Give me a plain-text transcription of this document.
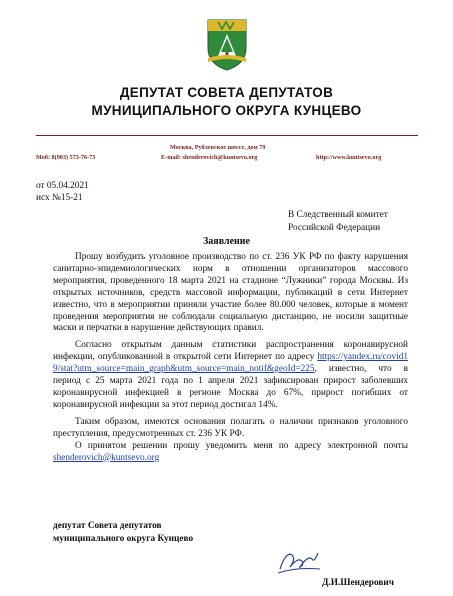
ДЕПУТАТ СОВЕТА ДЕПУТАТОВ
МУНИЦИПАЛЬНОГО ОКРУГА КУНЦЕВО
Москва, Рублевское шоссе, дом 79
Моб: 8(903) 573-76-73	E-mail: shenderovich@kuntsevo.org	http://www.kuntsevo.org
от 05.04.2021
исх №15-21
В Следственный комитет
Российской Федерации
Заявление

Прошу возбудить уголовное производство по ст. 236 УК РФ по факту нарушения санитарно-эпидемиологических норм в отношении организаторов массового мероприятия, проведенного 18 марта 2021 на стадионе “Лужники” города Москвы. Из открытых источников, средств массовой информации, публикаций в сети Интернет известно, что в мероприятии приняли участие более 80.000 человек, которые в момент проведения мероприятия не соблюдали социальную дистанцию, не носили защитные маски и перчатки в нарушение действующих правил.

Согласно открытым данным статистики распространения коронавирусной инфекции, опубликованной в открытой сети Интернет по адресу https://yandex.ru/covid19/stat?utm_source=main_graph&utm_source=main_notif&geoId=225, известно, что в период с 25 марта 2021 года по 1 апреля 2021 зафиксирован прирост заболевших коронавирусной инфекцией в регионе Москва до 67%, прирост погибших от коронавирусной инфекции за этот период достигал 14%.

Таким образом, имеются основания полагать о наличии признаков уголовного преступления, предусмотренных ст. 236 УК РФ.

О принятом решении прошу уведомить меня по адресу электронной почты shenderovich@kuntsevo.org

депутат Совета депутатов
муниципального округа Кунцево
Д.И.Шендерович
